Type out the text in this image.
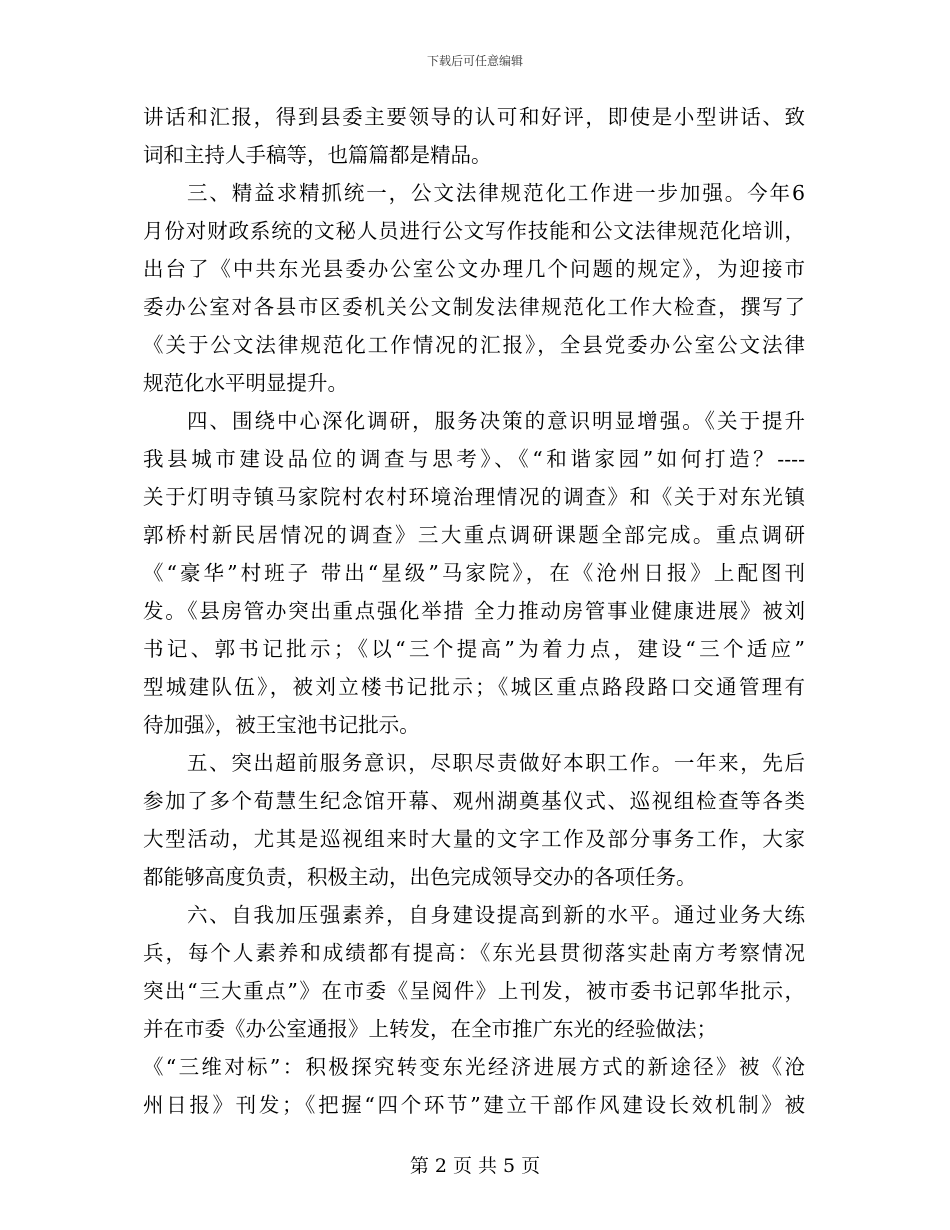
下载后可任意编辑
讲话和汇报，得到县委主要领导的认可和好评，即使是小型讲话、致
词和主持人手稿等，也篇篇都是精品。
三、精益求精抓统一，公文法律规范化工作进一步加强。今年6
月份对财政系统的文秘人员进行公文写作技能和公文法律规范化培训，
出台了《中共东光县委办公室公文办理几个问题的规定》，为迎接市
委办公室对各县市区委机关公文制发法律规范化工作大检查，撰写了
《关于公文法律规范化工作情况的汇报》，全县党委办公室公文法律
规范化水平明显提升。
四、围绕中心深化调研，服务决策的意识明显增强。《关于提升
我县城市建设品位的调查与思考》、《“和谐家园”如何打造？----
关于灯明寺镇马家院村农村环境治理情况的调查》和《关于对东光镇
郭桥村新民居情况的调查》三大重点调研课题全部完成。重点调研
《“豪华”村班子 带出“星级”马家院》，在《沧州日报》上配图刊
发。《县房管办突出重点强化举措 全力推动房管事业健康进展》被刘
书记、郭书记批示；《以“三个提高”为着力点，建设“三个适应”
型城建队伍》，被刘立楼书记批示；《城区重点路段路口交通管理有
待加强》，被王宝池书记批示。
五、突出超前服务意识，尽职尽责做好本职工作。一年来，先后
参加了多个荀慧生纪念馆开幕、观州湖奠基仪式、巡视组检查等各类
大型活动，尤其是巡视组来时大量的文字工作及部分事务工作，大家
都能够高度负责，积极主动，出色完成领导交办的各项任务。
六、自我加压强素养，自身建设提高到新的水平。通过业务大练
兵，每个人素养和成绩都有提高：《东光县贯彻落实赴南方考察情况
突出“三大重点”》在市委《呈阅件》上刊发，被市委书记郭华批示，
并在市委《办公室通报》上转发，在全市推广东光的经验做法；
《“三维对标”：积极探究转变东光经济进展方式的新途径》被《沧
州日报》刊发；《把握“四个环节”建立干部作风建设长效机制》被
第 2 页 共 5 页
